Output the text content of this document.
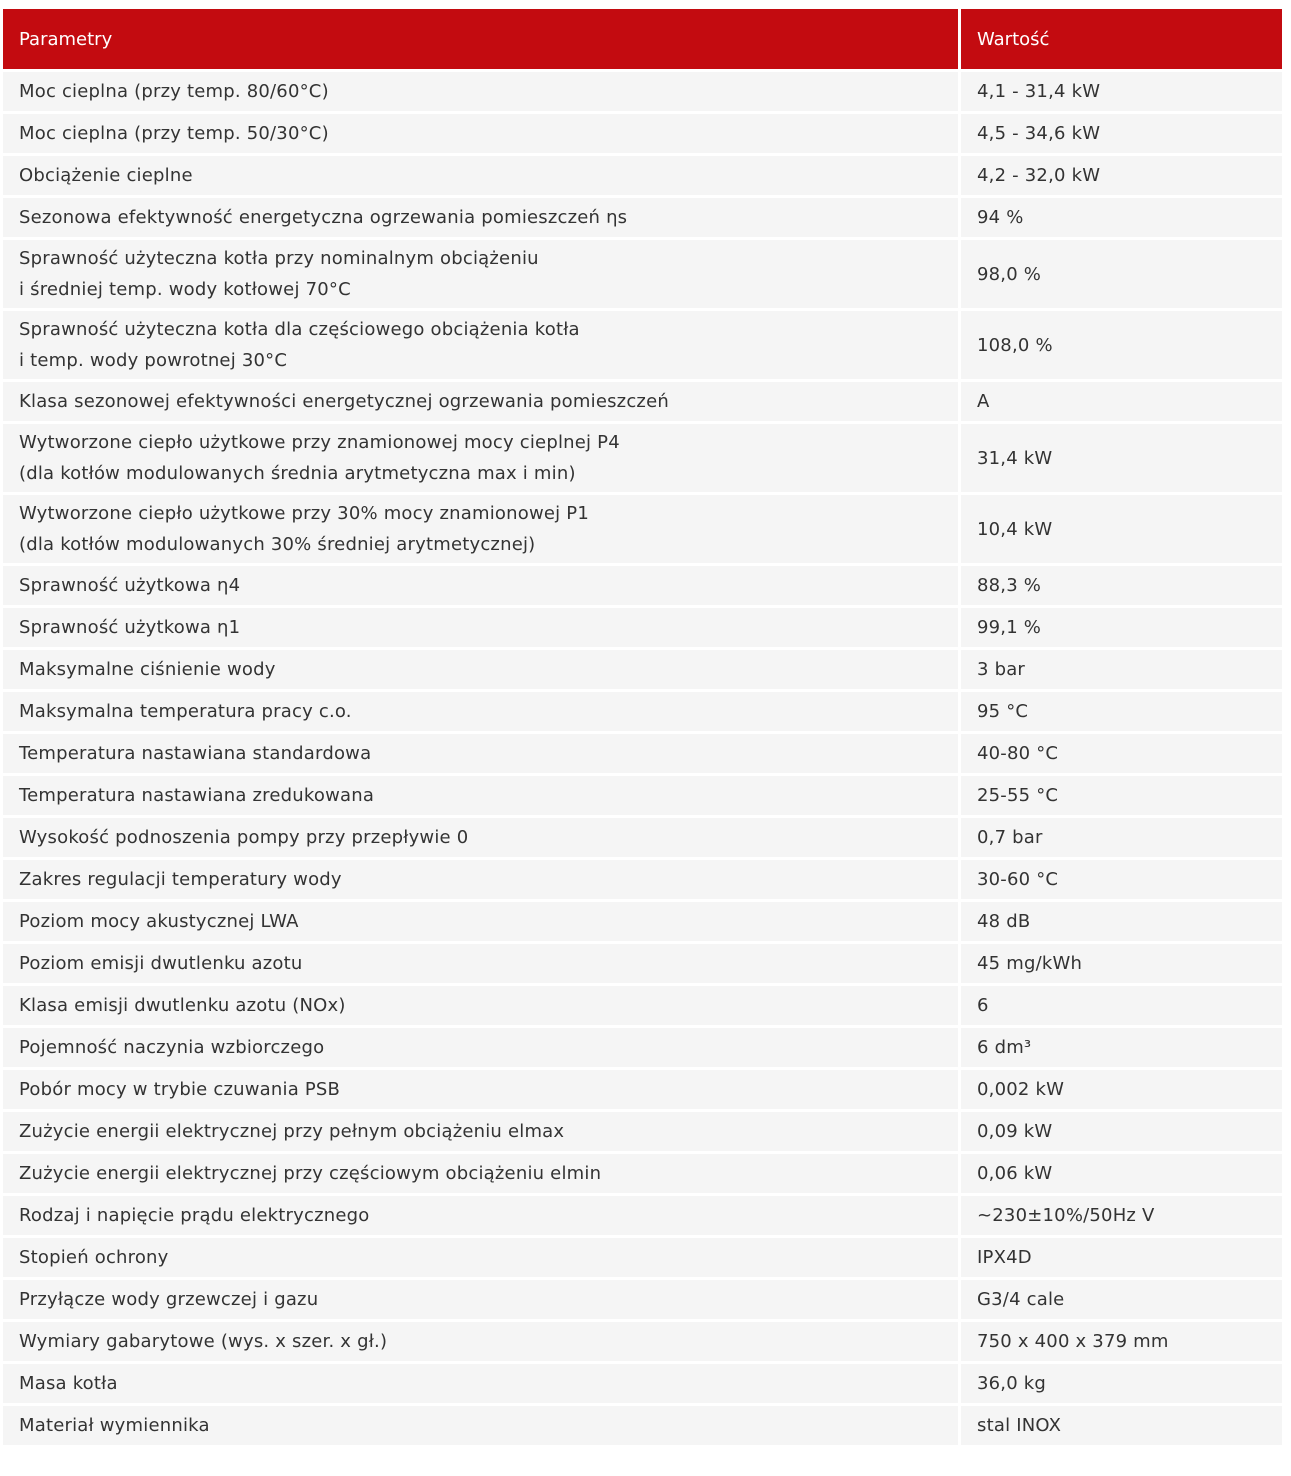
Parametry	Wartość

Moc cieplna (przy temp. 80/60°C)	4,1 - 31,4 kW

Moc cieplna (przy temp. 50/30°C)	4,5 - 34,6 kW

Obciążenie cieplne	4,2 - 32,0 kW

Sezonowa efektywność energetyczna ogrzewania pomieszczeń ηs	94 %

Sprawność użyteczna kotła przy nominalnym obciążeniu
i średniej temp. wody kotłowej 70°C	98,0 %

Sprawność użyteczna kotła dla częściowego obciążenia kotła
i temp. wody powrotnej 30°C	108,0 %

Klasa sezonowej efektywności energetycznej ogrzewania pomieszczeń	A

Wytworzone ciepło użytkowe przy znamionowej mocy cieplnej P4
(dla kotłów modulowanych średnia arytmetyczna max i min)	31,4 kW

Wytworzone ciepło użytkowe przy 30% mocy znamionowej P1
(dla kotłów modulowanych 30% średniej arytmetycznej)	10,4 kW

Sprawność użytkowa η4	88,3 %

Sprawność użytkowa η1	99,1 %

Maksymalne ciśnienie wody	3 bar

Maksymalna temperatura pracy c.o.	95 °C

Temperatura nastawiana standardowa	40-80 °C

Temperatura nastawiana zredukowana	25-55 °C

Wysokość podnoszenia pompy przy przepływie 0	0,7 bar

Zakres regulacji temperatury wody	30-60 °C

Poziom mocy akustycznej LWA	48 dB

Poziom emisji dwutlenku azotu	45 mg/kWh

Klasa emisji dwutlenku azotu (NOx)	6

Pojemność naczynia wzbiorczego	6 dm³

Pobór mocy w trybie czuwania PSB	0,002 kW

Zużycie energii elektrycznej przy pełnym obciążeniu elmax	0,09 kW

Zużycie energii elektrycznej przy częściowym obciążeniu elmin	0,06 kW

Rodzaj i napięcie prądu elektrycznego	~230±10%/50Hz V

Stopień ochrony	IPX4D

Przyłącze wody grzewczej i gazu	G3/4 cale

Wymiary gabarytowe (wys. x szer. x gł.)	750 x 400 x 379 mm

Masa kotła	36,0 kg

Materiał wymiennika	stal INOX
